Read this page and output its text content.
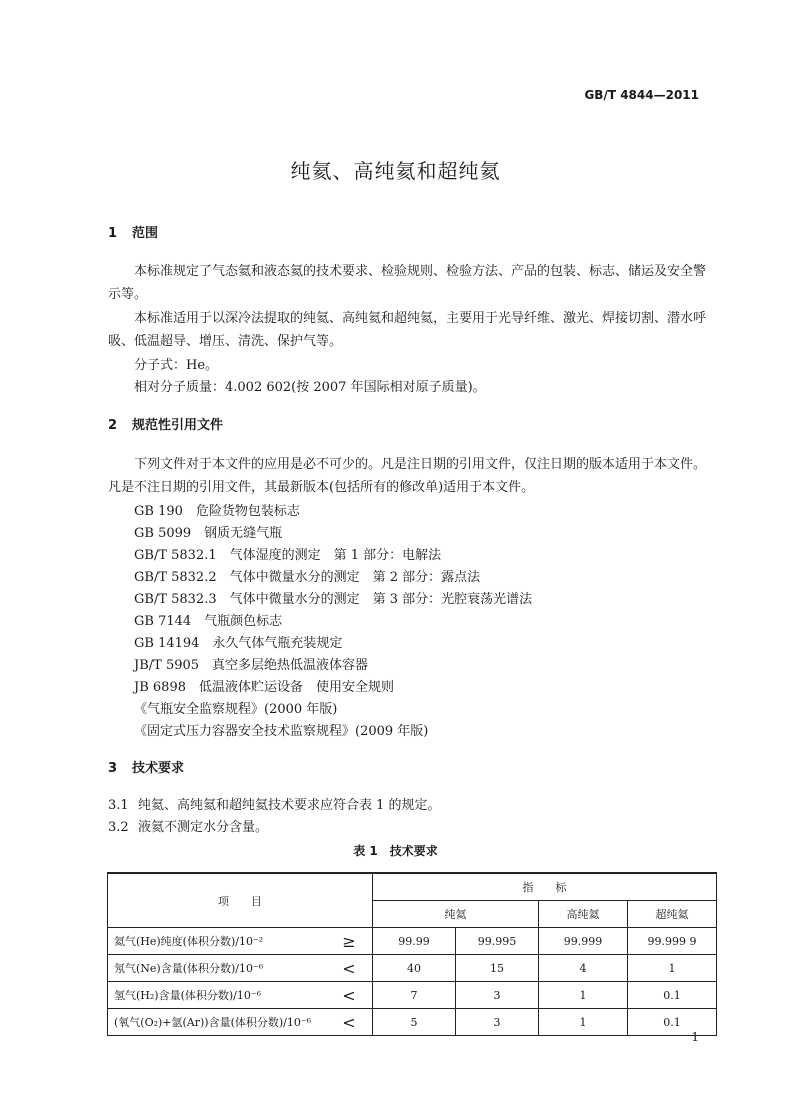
GB/T 4844—2011
纯氦、高纯氦和超纯氦
1 范围
本标准规定了气态氦和液态氦的技术要求、检验规则、检验方法、产品的包装、标志、储运及安全警示等。
本标准适用于以深冷法提取的纯氦、高纯氦和超纯氦，主要用于光导纤维、激光、焊接切割、潜水呼吸、低温超导、增压、清洗、保护气等。
分子式：He。
相对分子质量：4.002 602(按 2007 年国际相对原子质量)。
2 规范性引用文件
下列文件对于本文件的应用是必不可少的。凡是注日期的引用文件，仅注日期的版本适用于本文件。凡是不注日期的引用文件，其最新版本(包括所有的修改单)适用于本文件。
GB 190　危险货物包装标志
GB 5099　钢质无缝气瓶
GB/T 5832.1　气体湿度的测定　第 1 部分：电解法
GB/T 5832.2　气体中微量水分的测定　第 2 部分：露点法
GB/T 5832.3　气体中微量水分的测定　第 3 部分：光腔衰荡光谱法
GB 7144　气瓶颜色标志
GB 14194　永久气体气瓶充装规定
JB/T 5905　真空多层绝热低温液体容器
JB 6898　低温液体贮运设备　使用安全规则
《气瓶安全监察规程》(2000 年版)
《固定式压力容器安全技术监察规程》(2009 年版)
3 技术要求
3.1 纯氦、高纯氦和超纯氦技术要求应符合表 1 的规定。
3.2 液氦不测定水分含量。
表 1　技术要求
项　　目		指　　标			
		纯氦		高纯氦	超纯氦
氦气(He)纯度(体积分数)/10⁻²	≥	99.99	99.995	99.999	99.999 9
氖气(Ne)含量(体积分数)/10⁻⁶	<	40	15	4	1
氢气(H₂)含量(体积分数)/10⁻⁶	<	7	3	1	0.1
(氧气(O₂)+氩(Ar))含量(体积分数)/10⁻⁶	<	5	3	1	0.1
1
